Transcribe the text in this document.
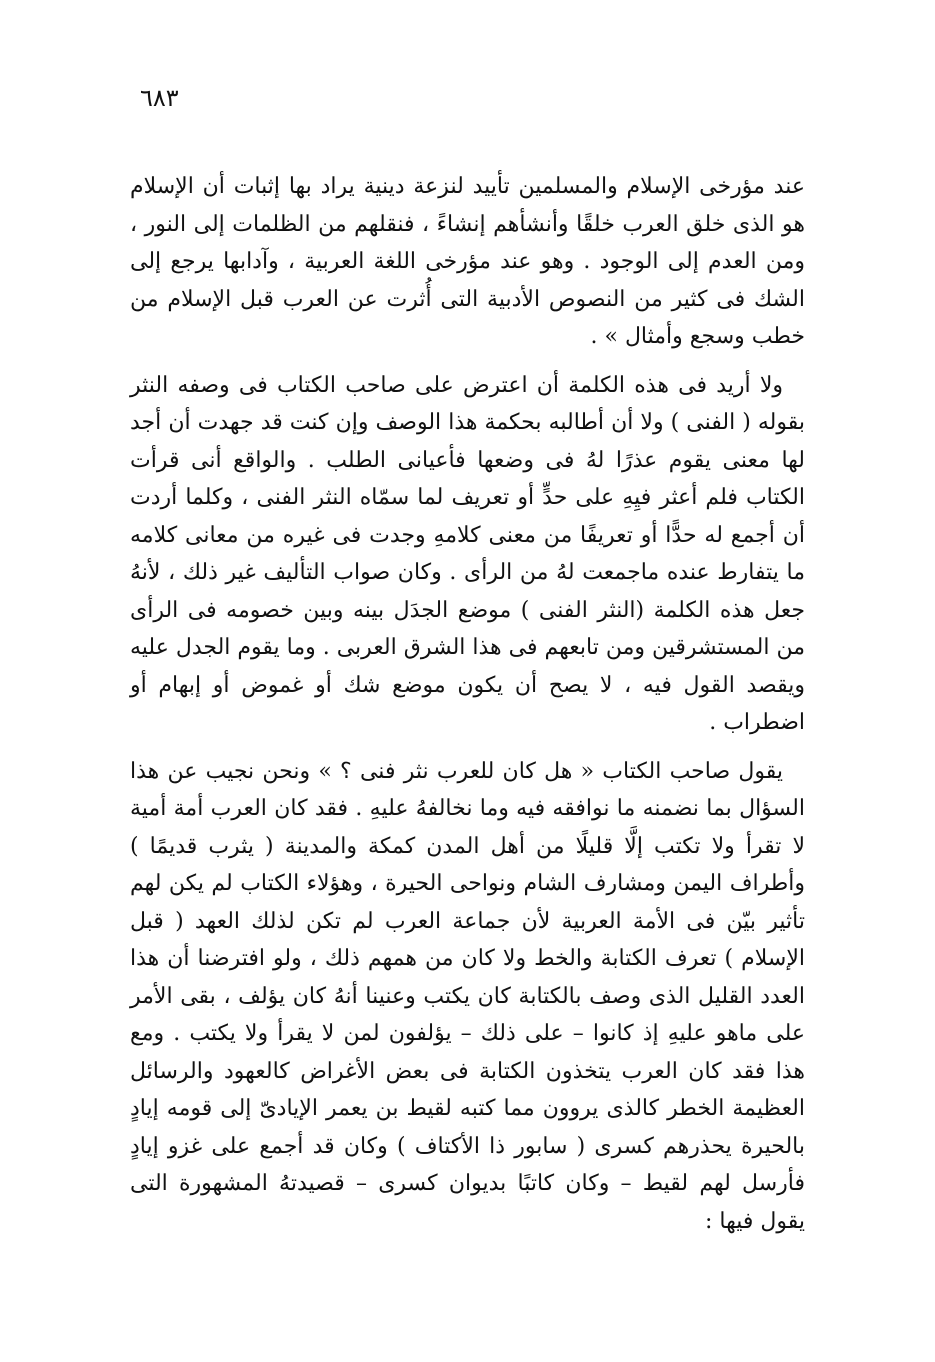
٦٨٣

عند مؤرخى الإسلام والمسلمين تأييد لنزعة دينية يراد بها إثبات أن الإسلام هو الذى خلق العرب خلقًا وأنشأهم إنشاءً ، فنقلهم من الظلمات إلى النور ، ومن العدم إلى الوجود . وهو عند مؤرخى اللغة العربية ، وآدابها يرجع إلى الشك فى كثير من النصوص الأدبية التى أُثرت عن العرب قبل الإسلام من خطب وسجع وأمثال » .

ولا أريد فى هذه الكلمة أن اعترض على صاحب الكتاب فى وصفه النثر بقوله ( الفنى ) ولا أن أطالبه بحكمة هذا الوصف وإن كنت قد جهدت أن أجد لها معنى يقوم عذرًا لهُ فى وضعها فأعيانى الطلب . والواقع أنى قرأت الكتاب فلم أعثر فيِهِ على حدٍّ أو تعريف لما سمّاه النثر الفنى ، وكلما أردت أن أجمع له حدًّا أو تعريفًا من معنى كلامهِ وجدت فى غيره من معانى كلامه ما يتفارط عنده ماجمعت لهُ من الرأى . وكان صواب التأليف غير ذلك ، لأنهُ جعل هذه الكلمة (النثر الفنى ) موضع الجدَل بينه وبين خصومه فى الرأى من المستشرقين ومن تابعهم فى هذا الشرق العربى . وما يقوم الجدل عليه ويقصد القول فيه ، لا يصح أن يكون موضع شك أو غموض أو إبهام أو اضطراب .

يقول صاحب الكتاب « هل كان للعرب نثر فنى ؟ » ونحن نجيب عن هذا السؤال بما نضمنه ما نوافقه فيه وما نخالفهُ عليهِ . فقد كان العرب أمة أمية لا تقرأ ولا تكتب إلَّا قليلًا من أهل المدن كمكة والمدينة ( يثرب قديمًا ) وأطراف اليمن ومشارف الشام ونواحى الحيرة ، وهؤلاء الكتاب لم يكن لهم تأثير بيّن فى الأمة العربية لأن جماعة العرب لم تكن لذلك العهد ( قبل الإسلام ) تعرف الكتابة والخط ولا كان من همهم ذلك ، ولو افترضنا أن هذا العدد القليل الذى وصف بالكتابة كان يكتب وعنينا أنهُ كان يؤلف ، بقى الأمر على ماهو عليهِ إذ كانوا – على ذلك – يؤلفون لمن لا يقرأ ولا يكتب . ومع هذا فقد كان العرب يتخذون الكتابة فى بعض الأغراض كالعهود والرسائل العظيمة الخطر كالذى يروون مما كتبه لقيط بن يعمر الإيادىّ إلى قومه إيادٍ بالحيرة يحذرهم كسرى ( سابور ذا الأكتاف ) وكان قد أجمع على غزو إيادٍ فأرسل لهم لقيط – وكان كاتبًا بديوان كسرى – قصيدتهُ المشهورة التى يقول فيها :
